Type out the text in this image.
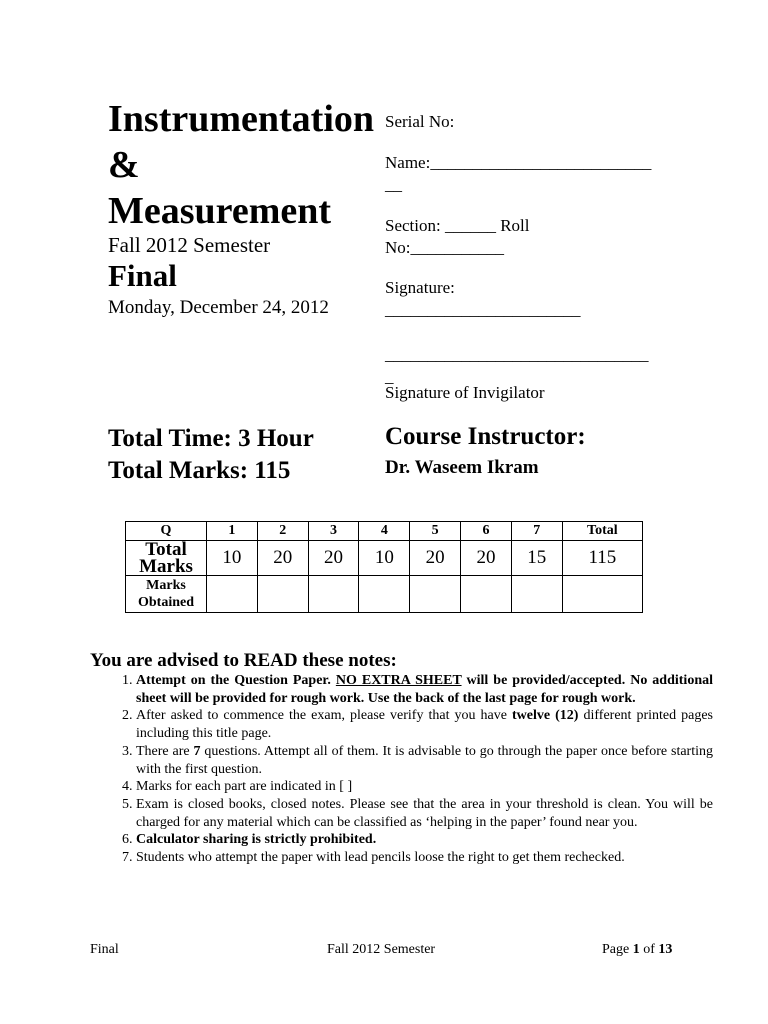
Instrumentation & Measurement
Fall 2012 Semester
Final
Monday, December 24, 2012
Serial No:
Name:__________________________
__
Section: ______ Roll
No:___________
Signature:
_______________________
_______________________________
_
Signature of Invigilator
Total Time: 3 Hour
Total Marks: 115
Course Instructor:
Dr. Waseem Ikram
Q	1	2	3	4	5	6	7	Total

Total
Marks	10	20	20	10	20	20	15	115

Marks
Obtained								

You are advised to READ these notes:
1. Attempt on the Question Paper. NO EXTRA SHEET will be provided/accepted. No additional sheet will be provided for rough work. Use the back of the last page for rough work.
2. After asked to commence the exam, please verify that you have twelve (12) different printed pages including this title page.
3. There are 7 questions. Attempt all of them. It is advisable to go through the paper once before starting with the first question.
4. Marks for each part are indicated in [ ]
5. Exam is closed books, closed notes. Please see that the area in your threshold is clean. You will be charged for any material which can be classified as ‘helping in the paper’ found near you.
6. Calculator sharing is strictly prohibited.
7. Students who attempt the paper with lead pencils loose the right to get them rechecked.
Final	Fall 2012 Semester	Page 1 of 13
